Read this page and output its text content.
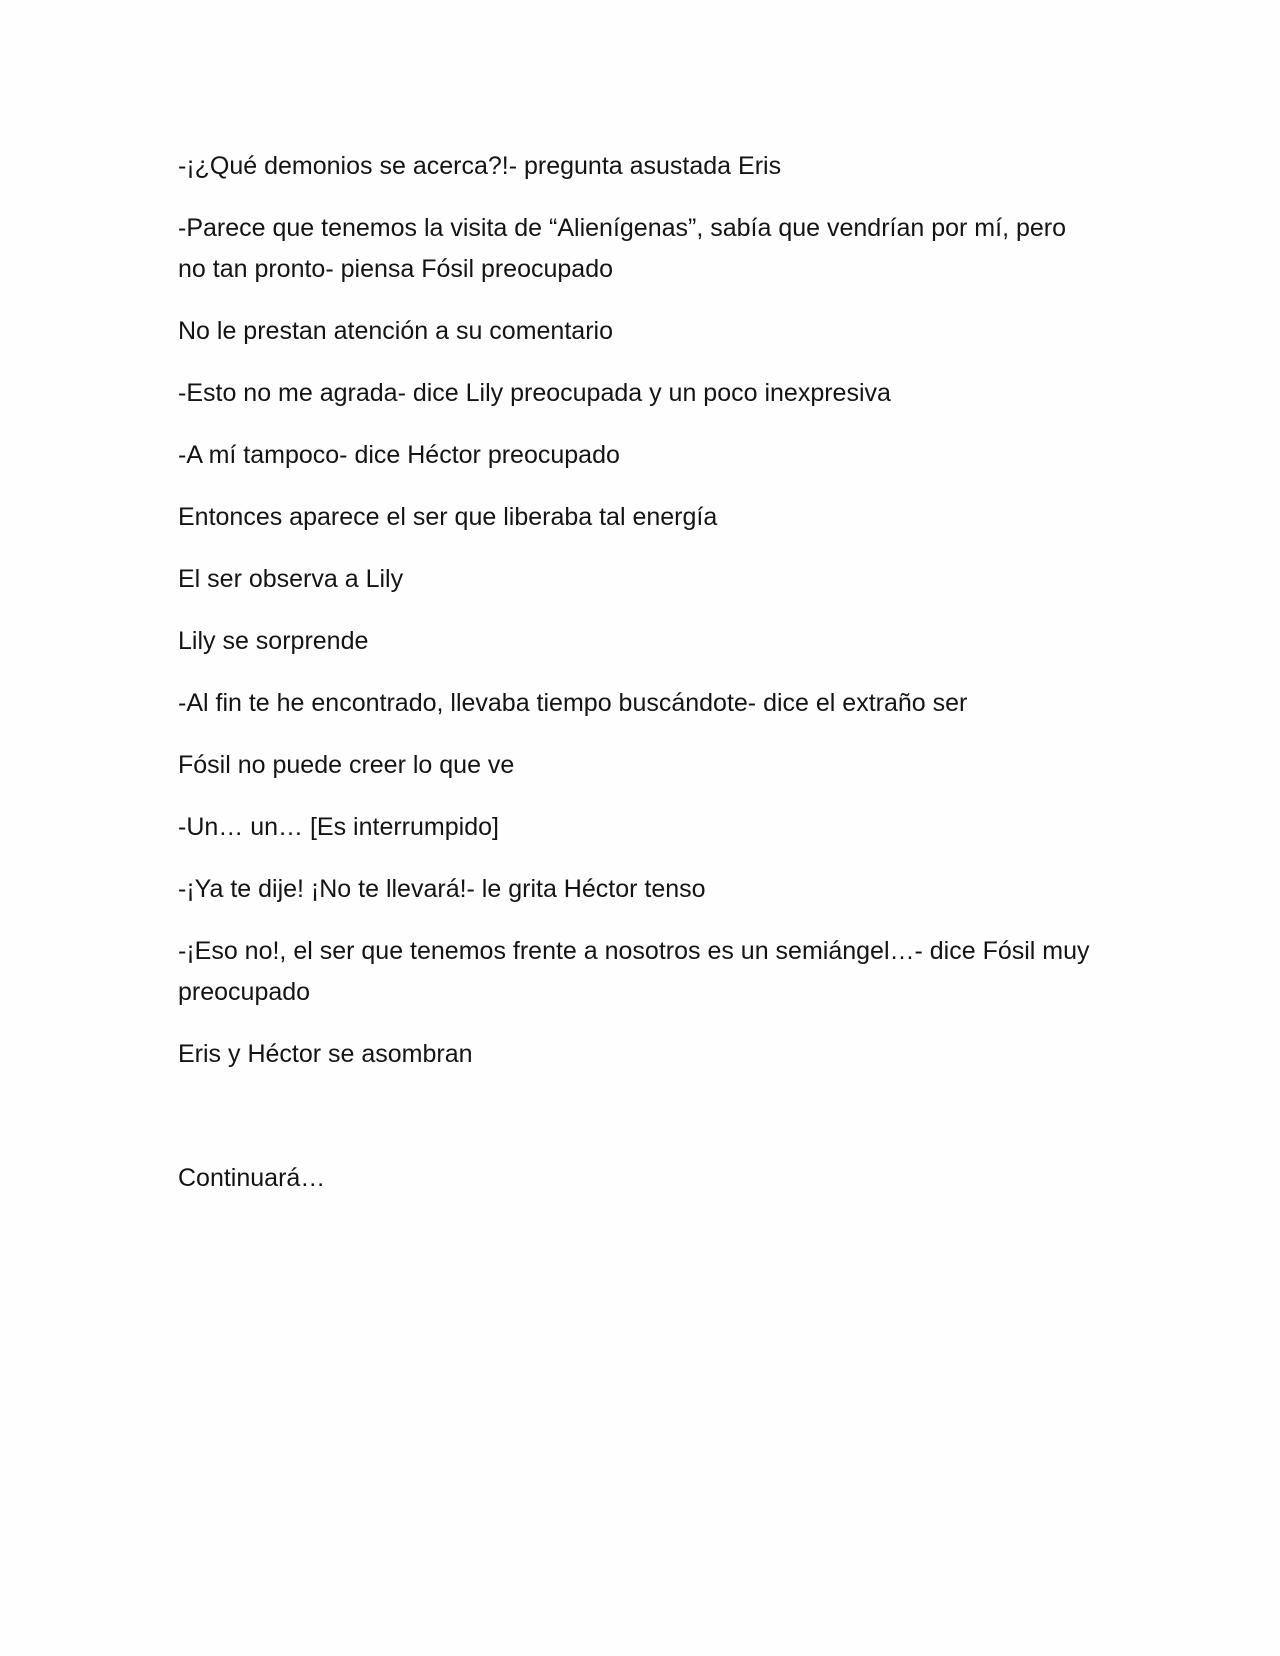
-¡¿Qué demonios se acerca?!- pregunta asustada Eris

-Parece que tenemos la visita de “Alienígenas”, sabía que vendrían por mí, pero no tan pronto- piensa Fósil preocupado

No le prestan atención a su comentario

-Esto no me agrada- dice Lily preocupada y un poco inexpresiva

-A mí tampoco- dice Héctor preocupado

Entonces aparece el ser que liberaba tal energía

El ser observa a Lily

Lily se sorprende

-Al fin te he encontrado, llevaba tiempo buscándote- dice el extraño ser

Fósil no puede creer lo que ve

-Un… un… [Es interrumpido]

-¡Ya te dije! ¡No te llevará!- le grita Héctor tenso

-¡Eso no!, el ser que tenemos frente a nosotros es un semiángel…- dice Fósil muy preocupado

Eris y Héctor se asombran

Continuará…
